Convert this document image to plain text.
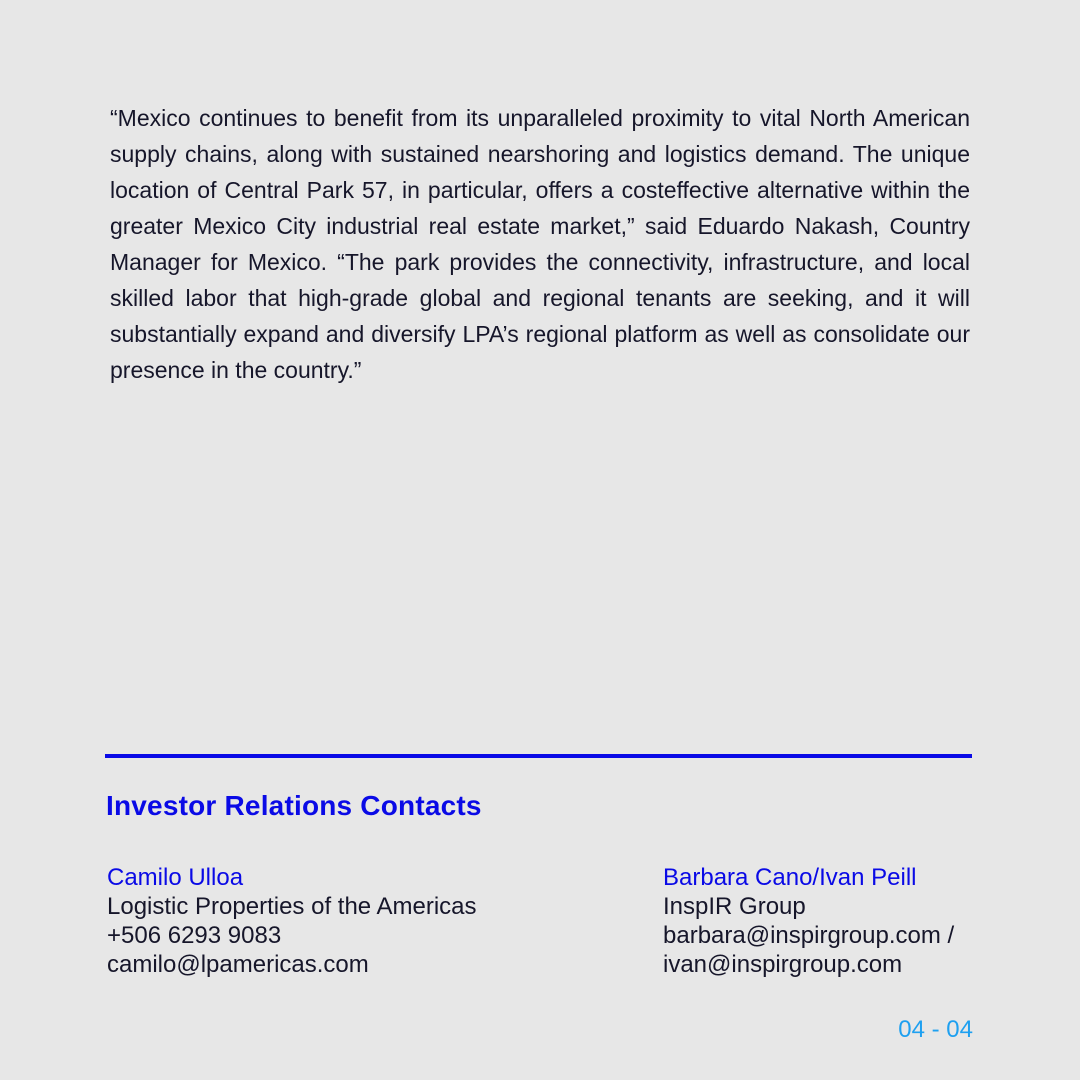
“Mexico continues to benefit from its unparalleled proximity to vital North American supply chains, along with sustained nearshoring and logistics demand. The unique location of Central Park 57, in particular, offers a costeffective alternative within the greater Mexico City industrial real estate market,” said Eduardo Nakash, Country Manager for Mexico. “The park provides the connectivity, infrastructure, and local skilled labor that high-grade global and regional tenants are seeking, and it will substantially expand and diversify LPA’s regional platform as well as consolidate our presence in the country.”

Investor Relations Contacts
Camilo Ulloa
Logistic Properties of the Americas
+506 6293 9083
camilo@lpamericas.com
Barbara Cano/Ivan Peill
InspIR Group
barbara@inspirgroup.com /
ivan@inspirgroup.com
04 - 04
